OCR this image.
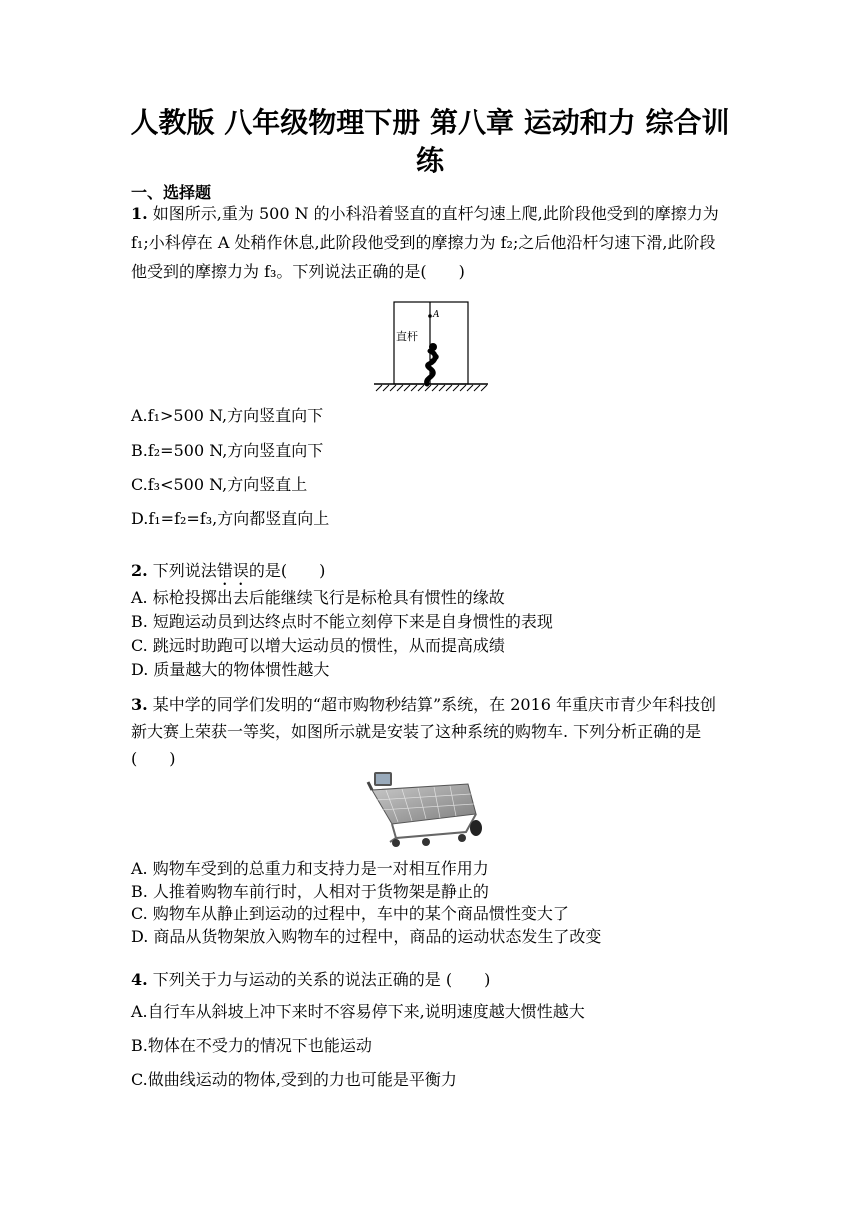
人教版 八年级物理下册 第八章 运动和力 综合训练
一、选择题
1. 如图所示,重为 500 N 的小科沿着竖直的直杆匀速上爬,此阶段他受到的摩擦力为 f₁;小科停在 A 处稍作休息,此阶段他受到的摩擦力为 f₂;之后他沿杆匀速下滑,此阶段他受到的摩擦力为 f₃。下列说法正确的是(　　)
A
直杆
A.f₁>500 N,方向竖直向下
B.f₂=500 N,方向竖直向下
C.f₃<500 N,方向竖直上
D.f₁=f₂=f₃,方向都竖直向上
2. 下列说法错误的是(　　)
A. 标枪投掷出去后能继续飞行是标枪具有惯性的缘故
B. 短跑运动员到达终点时不能立刻停下来是自身惯性的表现
C. 跳远时助跑可以增大运动员的惯性，从而提高成绩
D. 质量越大的物体惯性越大
3. 某中学的同学们发明的“超市购物秒结算”系统，在 2016 年重庆市青少年科技创新大赛上荣获一等奖，如图所示就是安装了这种系统的购物车. 下列分析正确的是(　　)
A. 购物车受到的总重力和支持力是一对相互作用力
B. 人推着购物车前行时，人相对于货物架是静止的
C. 购物车从静止到运动的过程中，车中的某个商品惯性变大了
D. 商品从货物架放入购物车的过程中，商品的运动状态发生了改变
4. 下列关于力与运动的关系的说法正确的是 (　　)
A.自行车从斜坡上冲下来时不容易停下来,说明速度越大惯性越大
B.物体在不受力的情况下也能运动
C.做曲线运动的物体,受到的力也可能是平衡力
